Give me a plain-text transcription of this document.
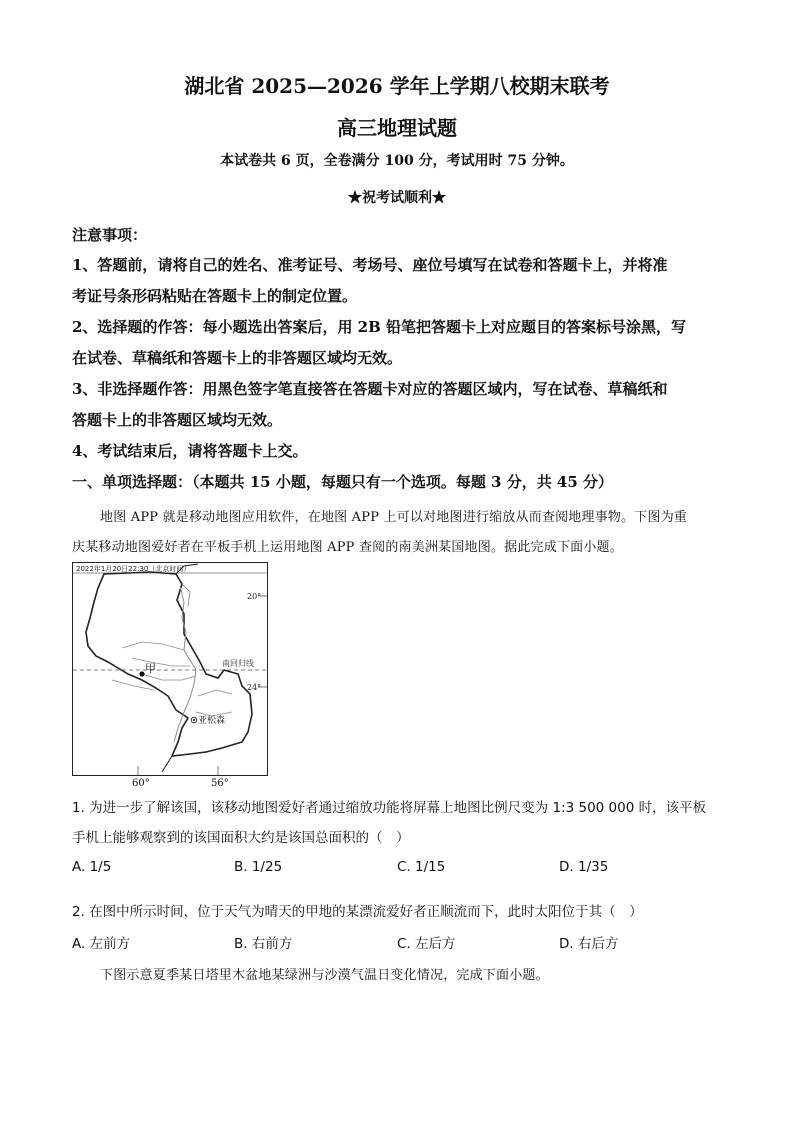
湖北省 2025—2026 学年上学期八校期末联考
高三地理试题
本试卷共 6 页，全卷满分 100 分，考试用时 75 分钟。
★祝考试顺利★
注意事项：
1、答题前，请将自己的姓名、准考证号、考场号、座位号填写在试卷和答题卡上，并将准
考证号条形码粘贴在答题卡上的制定位置。
2、选择题的作答：每小题选出答案后，用 2B 铅笔把答题卡上对应题目的答案标号涂黑，写
在试卷、草稿纸和答题卡上的非答题区域均无效。
3、非选择题作答：用黑色签字笔直接答在答题卡对应的答题区域内，写在试卷、草稿纸和
答题卡上的非答题区域均无效。
4、考试结束后，请将答题卡上交。
一、单项选择题：（本题共 15 小题，每题只有一个选项。每题 3 分，共 45 分）
地图 APP 就是移动地图应用软件，在地图 APP 上可以对地图进行缩放从而查阅地理事物。下图为重
庆某移动地图爱好者在平板手机上运用地图 APP 查阅的南美洲某国地图。据此完成下面小题。
2022年1月20日22:30（北京时间）
南回归线
20°
24°
甲
亚松森
60°	56°
1. 为进一步了解该国，该移动地图爱好者通过缩放功能将屏幕上地图比例尺变为 1:3 500 000 时，该平板
手机上能够观察到的该国面积大约是该国总面积的（　）
A. 1/5	B. 1/25	C. 1/15	D. 1/35
2. 在图中所示时间，位于天气为晴天的甲地的某漂流爱好者正顺流而下，此时太阳位于其（　）
A. 左前方	B. 右前方	C. 左后方	D. 右后方
下图示意夏季某日塔里木盆地某绿洲与沙漠气温日变化情况，完成下面小题。
